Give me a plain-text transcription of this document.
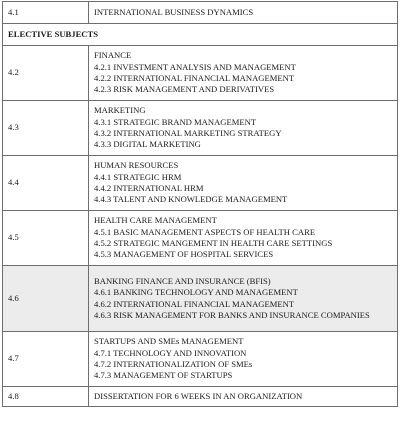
4.1	INTERNATIONAL BUSINESS DYNAMICS
ELECTIVE SUBJECTS	
4.2	FINANCE
4.2.1 INVESTMENT ANALYSIS AND MANAGEMENT
4.2.2 INTERNATIONAL FINANCIAL MANAGEMENT
4.2.3 RISK MANAGEMENT AND DERIVATIVES

4.3	MARKETING
4.3.1 STRATEGIC BRAND MANAGEMENT
4.3.2 INTERNATIONAL MARKETING STRATEGY
4.3.3 DIGITAL MARKETING

4.4	HUMAN RESOURCES
4.4.1 STRATEGIC HRM
4.4.2 INTERNATIONAL HRM
4.4.3 TALENT AND KNOWLEDGE MANAGEMENT

4.5	HEALTH CARE MANAGEMENT
4.5.1 BASIC MANAGEMENT ASPECTS OF HEALTH CARE
4.5.2 STRATEGIC MANGEMENT IN HEALTH CARE SETTINGS
4.5.3 MANAGEMENT OF HOSPITAL SERVICES

4.6	BANKING FINANCE AND INSURANCE (BFIS)
4.6.1 BANKING TECHNOLOGY AND MANAGEMENT
4.6.2 INTERNATIONAL FINANCIAL MANAGEMENT
4.6.3 RISK MANAGEMENT FOR BANKS AND INSURANCE COMPANIES

4.7	STARTUPS AND SMEs MANAGEMENT
4.7.1 TECHNOLOGY AND INNOVATION
4.7.2 INTERNATIONALIZATION OF SMEs
4.7.3 MANAGEMENT OF STARTUPS

4.8	DISSERTATION FOR 6 WEEKS IN AN ORGANIZATION
